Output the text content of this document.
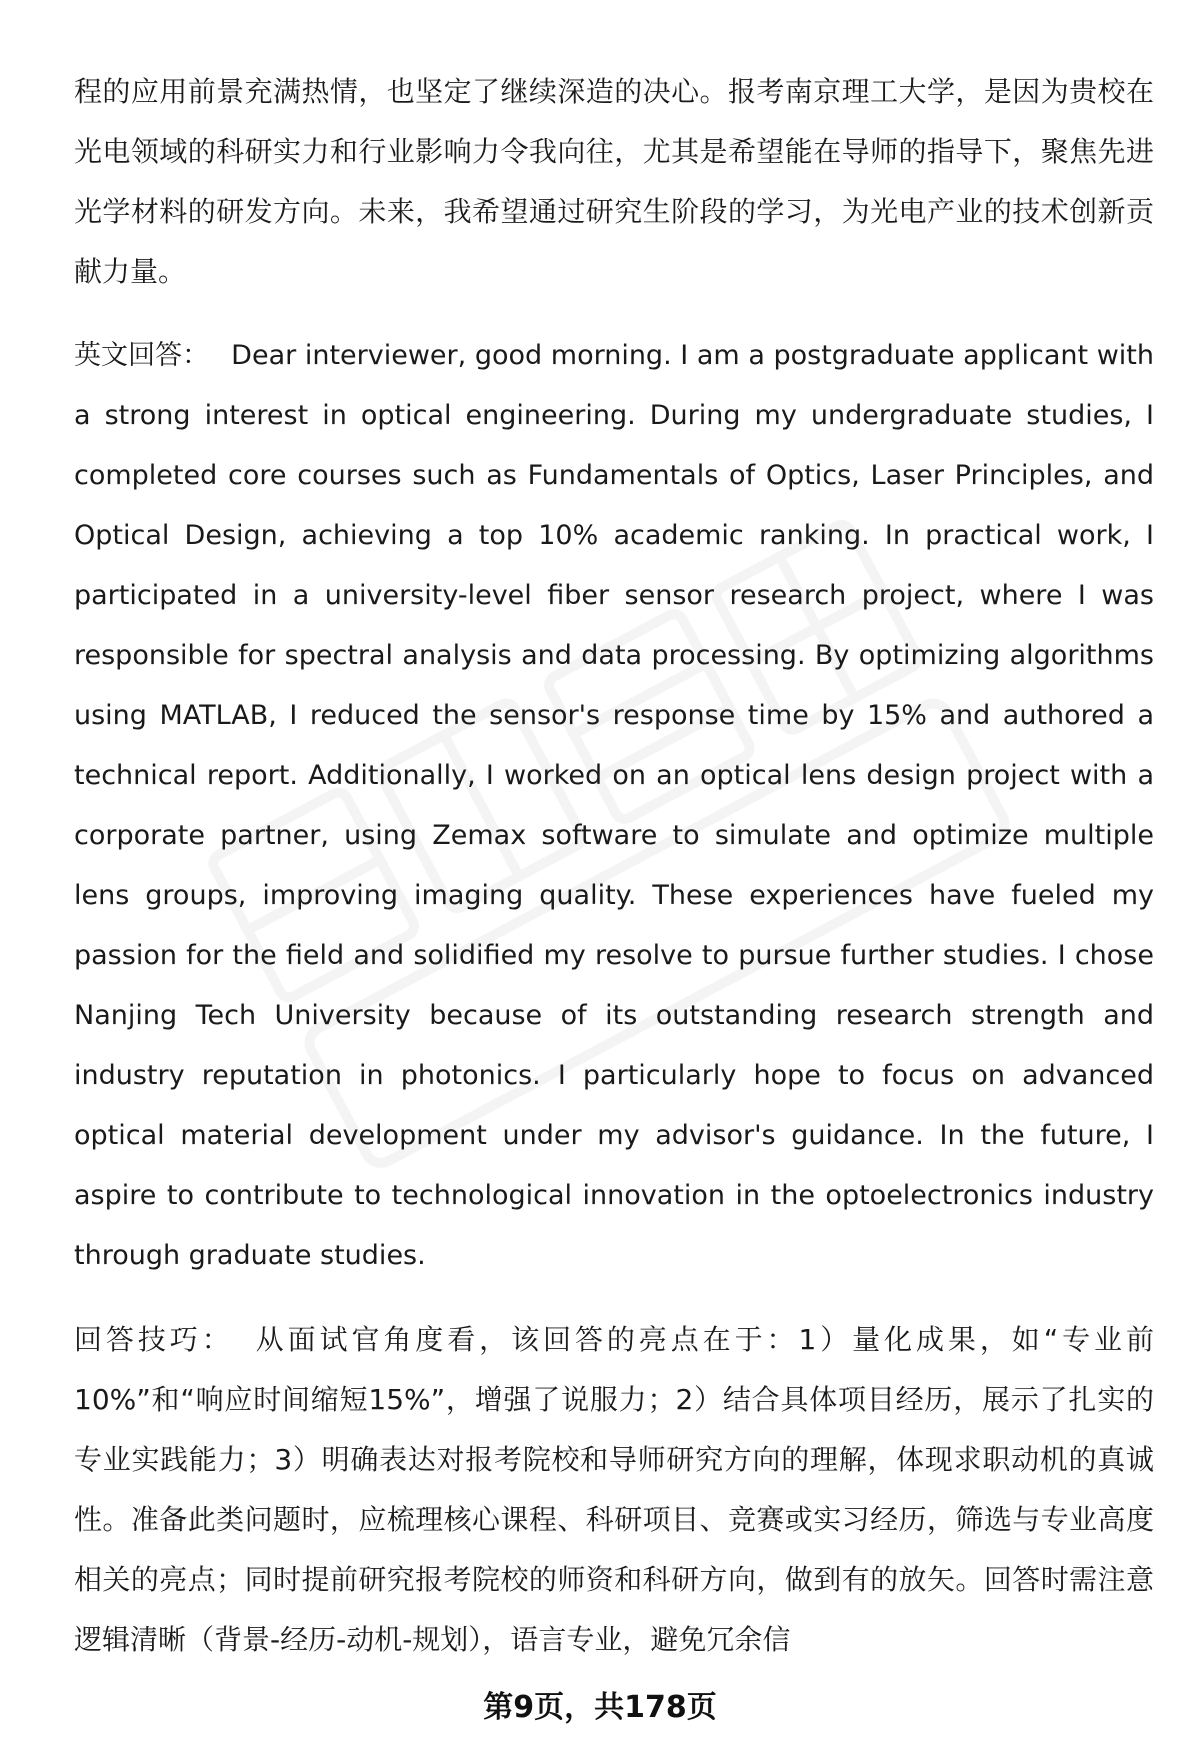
程的应用前景充满热情，也坚定了继续深造的决心。报考南京理工大学，是因为贵校在光电领域的科研实力和行业影响力令我向往，尤其是希望能在导师的指导下，聚焦先进光学材料的研发方向。未来，我希望通过研究生阶段的学习，为光电产业的技术创新贡献力量。

英文回答： Dear interviewer, good morning. I am a postgraduate applicant with a strong interest in optical engineering. During my undergraduate studies, I completed core courses such as Fundamentals of Optics, Laser Principles, and Optical Design, achieving a top 10% academic ranking. In practical work, I participated in a university-level fiber sensor research project, where I was responsible for spectral analysis and data processing. By optimizing algorithms using MATLAB, I reduced the sensor's response time by 15% and authored a technical report. Additionally, I worked on an optical lens design project with a corporate partner, using Zemax software to simulate and optimize multiple lens groups, improving imaging quality. These experiences have fueled my passion for the field and solidified my resolve to pursue further studies. I chose Nanjing Tech University because of its outstanding research strength and industry reputation in photonics. I particularly hope to focus on advanced optical material development under my advisor's guidance. In the future, I aspire to contribute to technological innovation in the optoelectronics industry through graduate studies.

回答技巧： 从面试官角度看，该回答的亮点在于：1）量化成果，如“专业前10%”和“响应时间缩短15%”，增强了说服力；2）结合具体项目经历，展示了扎实的专业实践能力；3）明确表达对报考院校和导师研究方向的理解，体现求职动机的真诚性。准备此类问题时，应梳理核心课程、科研项目、竞赛或实习经历，筛选与专业高度相关的亮点；同时提前研究报考院校的师资和科研方向，做到有的放矢。回答时需注意逻辑清晰（背景-经历-动机-规划），语言专业，避免冗余信

第9页，共178页
